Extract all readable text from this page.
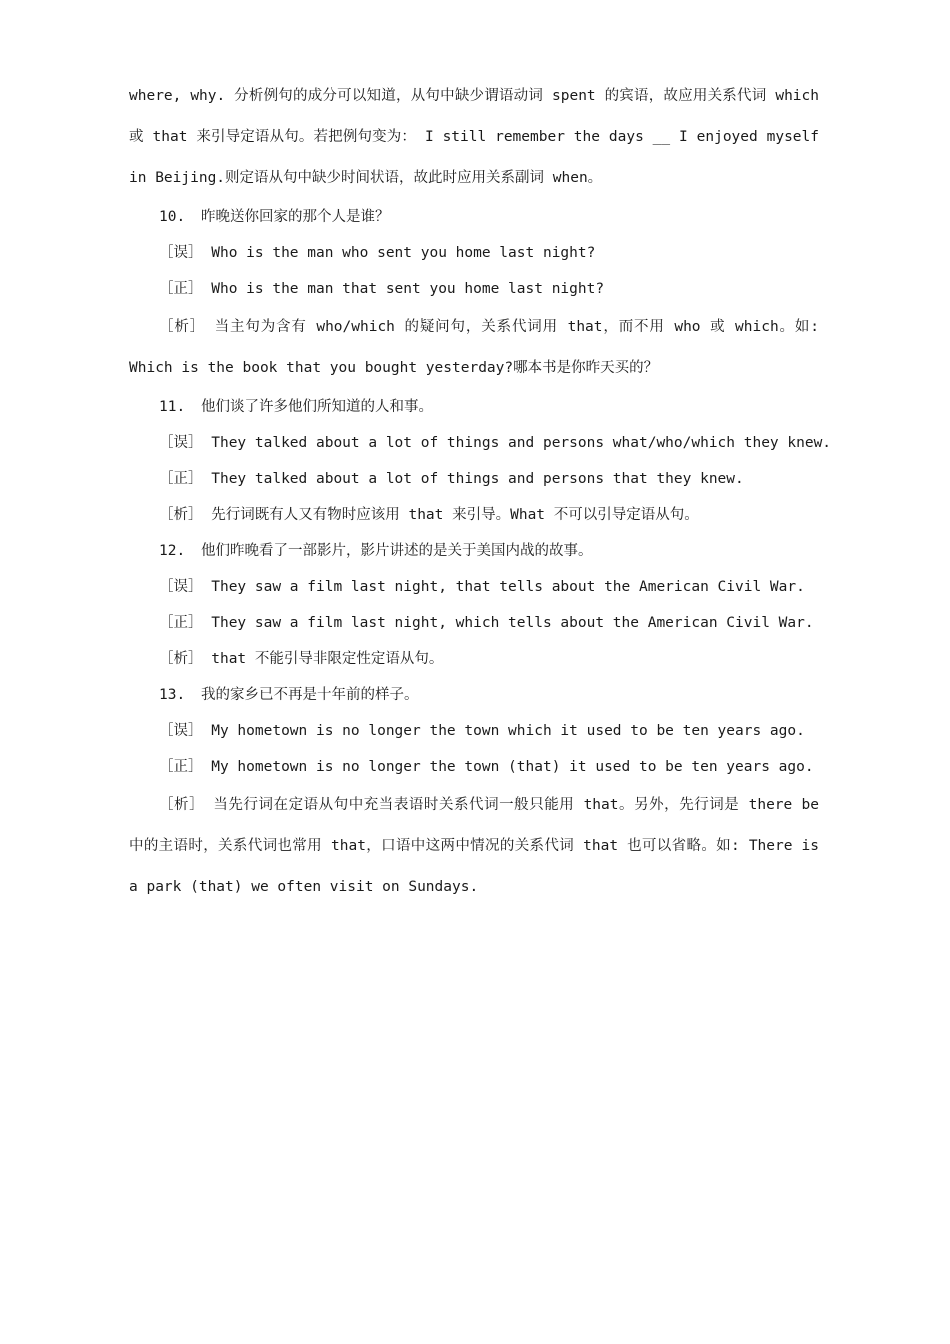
where, why. 分析例句的成分可以知道，从句中缺少谓语动词 spent 的宾语，故应用关系代词 which 或 that 来引导定语从句。若把例句变为： I still remember the days __ I enjoyed myself in Beijing.则定语从句中缺少时间状语，故此时应用关系副词 when。

10. 昨晚送你回家的那个人是谁？

［误］ Who is the man who sent you home last night?

［正］ Who is the man that sent you home last night?

［析］ 当主句为含有 who/which 的疑问句，关系代词用 that，而不用 who 或 which。如: Which is the book that you bought yesterday?哪本书是你昨天买的？

11. 他们谈了许多他们所知道的人和事。

［误］ They talked about a lot of things and persons what/who/which they knew.

［正］ They talked about a lot of things and persons that they knew.

［析］ 先行词既有人又有物时应该用 that 来引导。What 不可以引导定语从句。

12. 他们昨晚看了一部影片，影片讲述的是关于美国内战的故事。

［误］ They saw a film last night, that tells about the American Civil War.

［正］ They saw a film last night, which tells about the American Civil War.

［析］ that 不能引导非限定性定语从句。

13. 我的家乡已不再是十年前的样子。

［误］ My hometown is no longer the town which it used to be ten years ago.

［正］ My hometown is no longer the town (that) it used to be ten years ago.

［析］ 当先行词在定语从句中充当表语时关系代词一般只能用 that。另外，先行词是 there be 中的主语时，关系代词也常用 that，口语中这两中情况的关系代词 that 也可以省略。如: There is a park (that) we often visit on Sundays.
